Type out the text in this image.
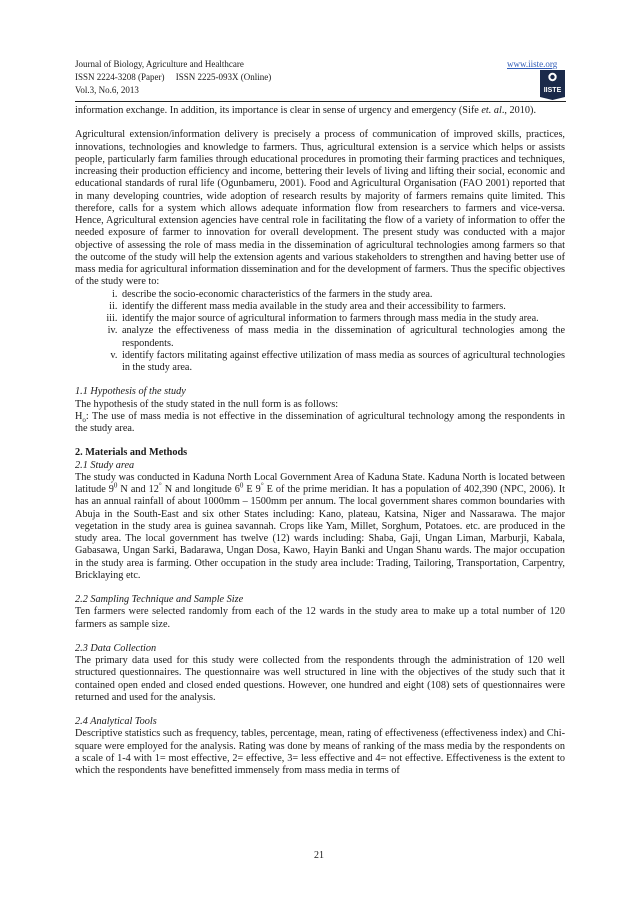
Journal of Biology, Agriculture and Healthcare
ISSN 2224-3208 (Paper)     ISSN 2225-093X (Online)
Vol.3, No.6, 2013
www.iiste.org
IISTE

information exchange. In addition, its importance is clear in sense of urgency and emergency (Sife et. al., 2010).

Agricultural extension/information delivery is precisely a process of communication of improved skills, practices, innovations, technologies and knowledge to farmers. Thus, agricultural extension is a service which helps or assists people, particularly farm families through educational procedures in promoting their farming practices and techniques, increasing their production efficiency and income, bettering their levels of living and lifting their social, economic and educational standards of rural life (Ogunbameru, 2001). Food and Agricultural Organisation (FAO 2001) reported that in many developing countries, wide adoption of research results by majority of farmers remains quite limited. This therefore, calls for a system which allows adequate information flow from researchers to farmers and vice-versa. Hence, Agricultural extension agencies have central role in facilitating the flow of a variety of information to offer the needed exposure of farmer to innovation for overall development. The present study was conducted with a major objective of assessing the role of mass media in the dissemination of agricultural technologies among farmers so that the outcome of the study will help the extension agents and various stakeholders to strengthen and having better use of mass media for agricultural information dissemination and for the development of farmers. Thus the specific objectives of the study were to:

i. describe the socio-economic characteristics of the farmers in the study area.
ii. identify the different mass media available in the study area and their accessibility to farmers.
iii. identify the major source of agricultural information to farmers through mass media in the study area.
iv. analyze the effectiveness of mass media in the dissemination of agricultural technologies among the respondents.
v. identify factors militating against effective utilization of mass media as sources of agricultural technologies in the study area.

1.1 Hypothesis of the study

The hypothesis of the study stated in the null form is as follows:

$H_o$: The use of mass media is not effective in the dissemination of agricultural technology among the respondents in the study area.

2. Materials and Methods

2.1 Study area

The study was conducted in Kaduna North Local Government Area of Kaduna State. Kaduna North is located between latitude $9^0$ N and 12° N and longitude $6^0$ E 9° E of the prime meridian. It has a population of 402,390 (NPC, 2006). It has an annual rainfall of about 1000mm – 1500mm per annum. The local government shares common boundaries with Abuja in the South-East and six other States including: Kano, plateau, Katsina, Niger and Nassarawa. The major vegetation in the study area is guinea savannah. Crops like Yam, Millet, Sorghum, Potatoes. etc. are produced in the study area. The local government has twelve (12) wards including: Shaba, Gaji, Ungan Liman, Marburji, Kabala, Gabasawa, Ungan Sarki, Badarawa, Ungan Dosa, Kawo, Hayin Banki and Ungan Shanu wards. The major occupation in the study area is farming. Other occupation in the study area include: Trading, Tailoring, Transportation, Carpentry, Bricklaying etc.

2.2 Sampling Technique and Sample Size

Ten farmers were selected randomly from each of the 12 wards in the study area to make up a total number of 120 farmers as sample size.

2.3 Data Collection

The primary data used for this study were collected from the respondents through the administration of 120 well structured questionnaires. The questionnaire was well structured in line with the objectives of the study such that it contained open ended and closed ended questions. However, one hundred and eight (108) sets of questionnaires were returned and used for the analysis.

2.4 Analytical Tools

Descriptive statistics such as frequency, tables, percentage, mean, rating of effectiveness (effectiveness index) and Chi-square were employed for the analysis. Rating was done by means of ranking of the mass media by the respondents on a scale of 1-4 with 1= most effective, 2= effective, 3= less effective and 4= not effective. Effectiveness is the extent to which the respondents have benefitted immensely from mass media in terms of

21
